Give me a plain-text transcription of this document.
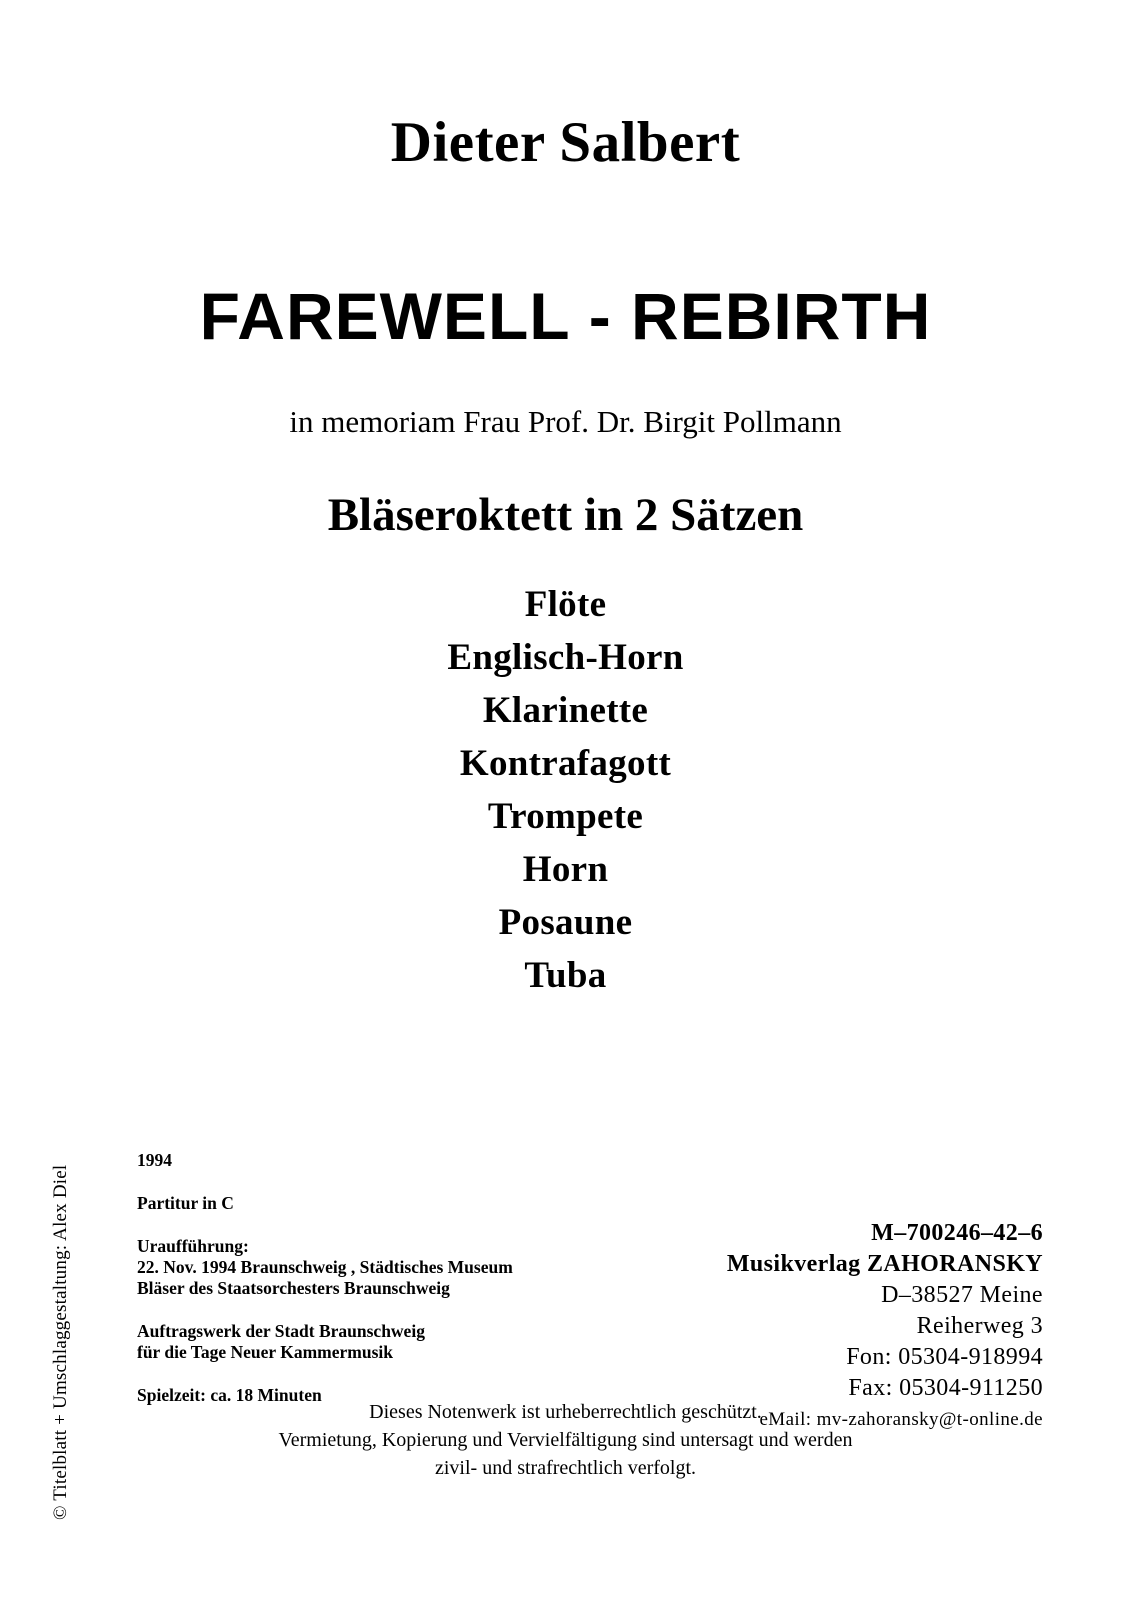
Dieter Salbert
FAREWELL - REBIRTH
in memoriam Frau Prof. Dr. Birgit Pollmann
Bläseroktett in 2 Sätzen
Flöte
Englisch-Horn
Klarinette
Kontrafagott
Trompete
Horn
Posaune
Tuba
© Titelblatt + Umschlaggestaltung: Alex Diel
1994
Partitur in C
Uraufführung:
22. Nov. 1994 Braunschweig , Städtisches Museum
Bläser des Staatsorchesters Braunschweig
Auftragswerk der Stadt Braunschweig
für die Tage Neuer Kammermusik
Spielzeit: ca. 18 Minuten
M–700246–42–6
Musikverlag ZAHORANSKY
D–38527 Meine
Reiherweg 3
Fon: 05304-918994
Fax: 05304-911250
eMail: mv-zahoransky@t-online.de
Dieses Notenwerk ist urheberrechtlich geschützt.
Vermietung, Kopierung und Vervielfältigung sind untersagt und werden
zivil- und strafrechtlich verfolgt.
